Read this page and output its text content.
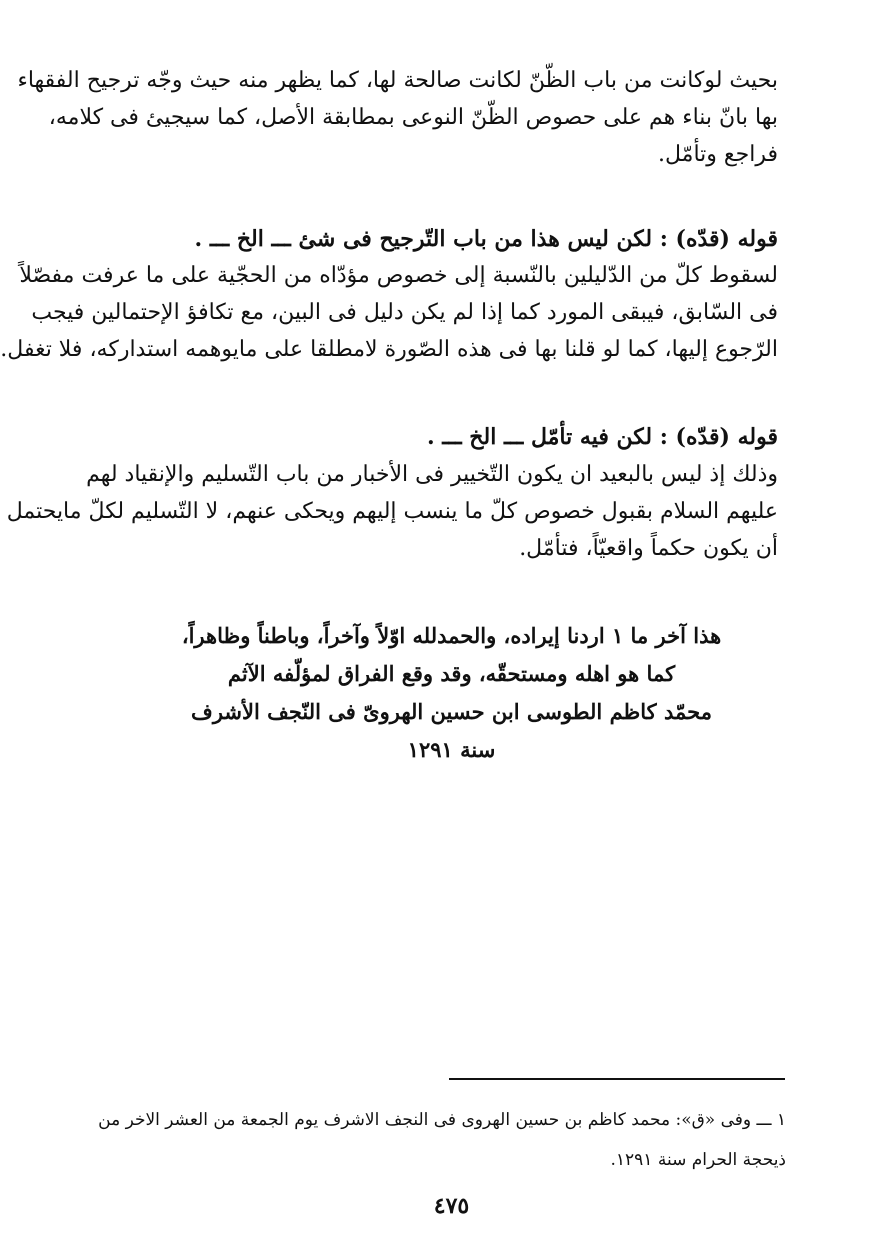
بحيث لوكانت من باب الظّنّ لكانت صالحة لها، كما يظهر منه حيث وجّه ترجيح الفقهاء
بها بانّ بناء هم على حصوص الظّنّ النوعى بمطابقة الأصل، كما سيجيئ فى كلامه،
فراجع وتأمّل.
قوله (قدّه) : لكن ليس هذا من باب التّرجيح فى شئ ـــ الخ ـــ .
لسقوط كلّ من الدّليلين بالنّسبة إلى خصوص مؤدّاه من الحجّية على ما عرفت مفصّلاً
فى السّابق، فيبقى المورد كما إذا لم يكن دليل فى البين، مع تكافؤ الإحتمالين فيجب
الرّجوع إليها، كما لو قلنا بها فى هذه الصّورة لامطلقا على مايوهمه استداركه، فلا تغفل.
قوله (قدّه) : لكن فيه تأمّل ـــ الخ ـــ .
وذلك إذ ليس بالبعيد ان يكون التّخيير فى الأخبار من باب التّسليم والإنقياد لهم
عليهم السلام بقبول خصوص كلّ ما ينسب إليهم ويحكى عنهم، لا التّسليم لكلّ مايحتمل
أن يكون حكماً واقعيّاً، فتأمّل.
هذا آخر ما ١ اردنا إيراده، والحمدلله اوّلاً وآخراً، وباطناً وظاهراً،
كما هو اهله ومستحقّه، وقد وقع الفراق لمؤلّفه الآثم
محمّد كاظم الطوسى ابن حسين الهروىّ فى النّجف الأشرف
سنة ١٢٩١
١ ـــ وفى «ق»: محمد كاظم بن حسين الهروى فى النجف الاشرف يوم الجمعة من العشر الاخر من
ذيحجة الحرام سنة ١٢٩١.
٤٧٥
